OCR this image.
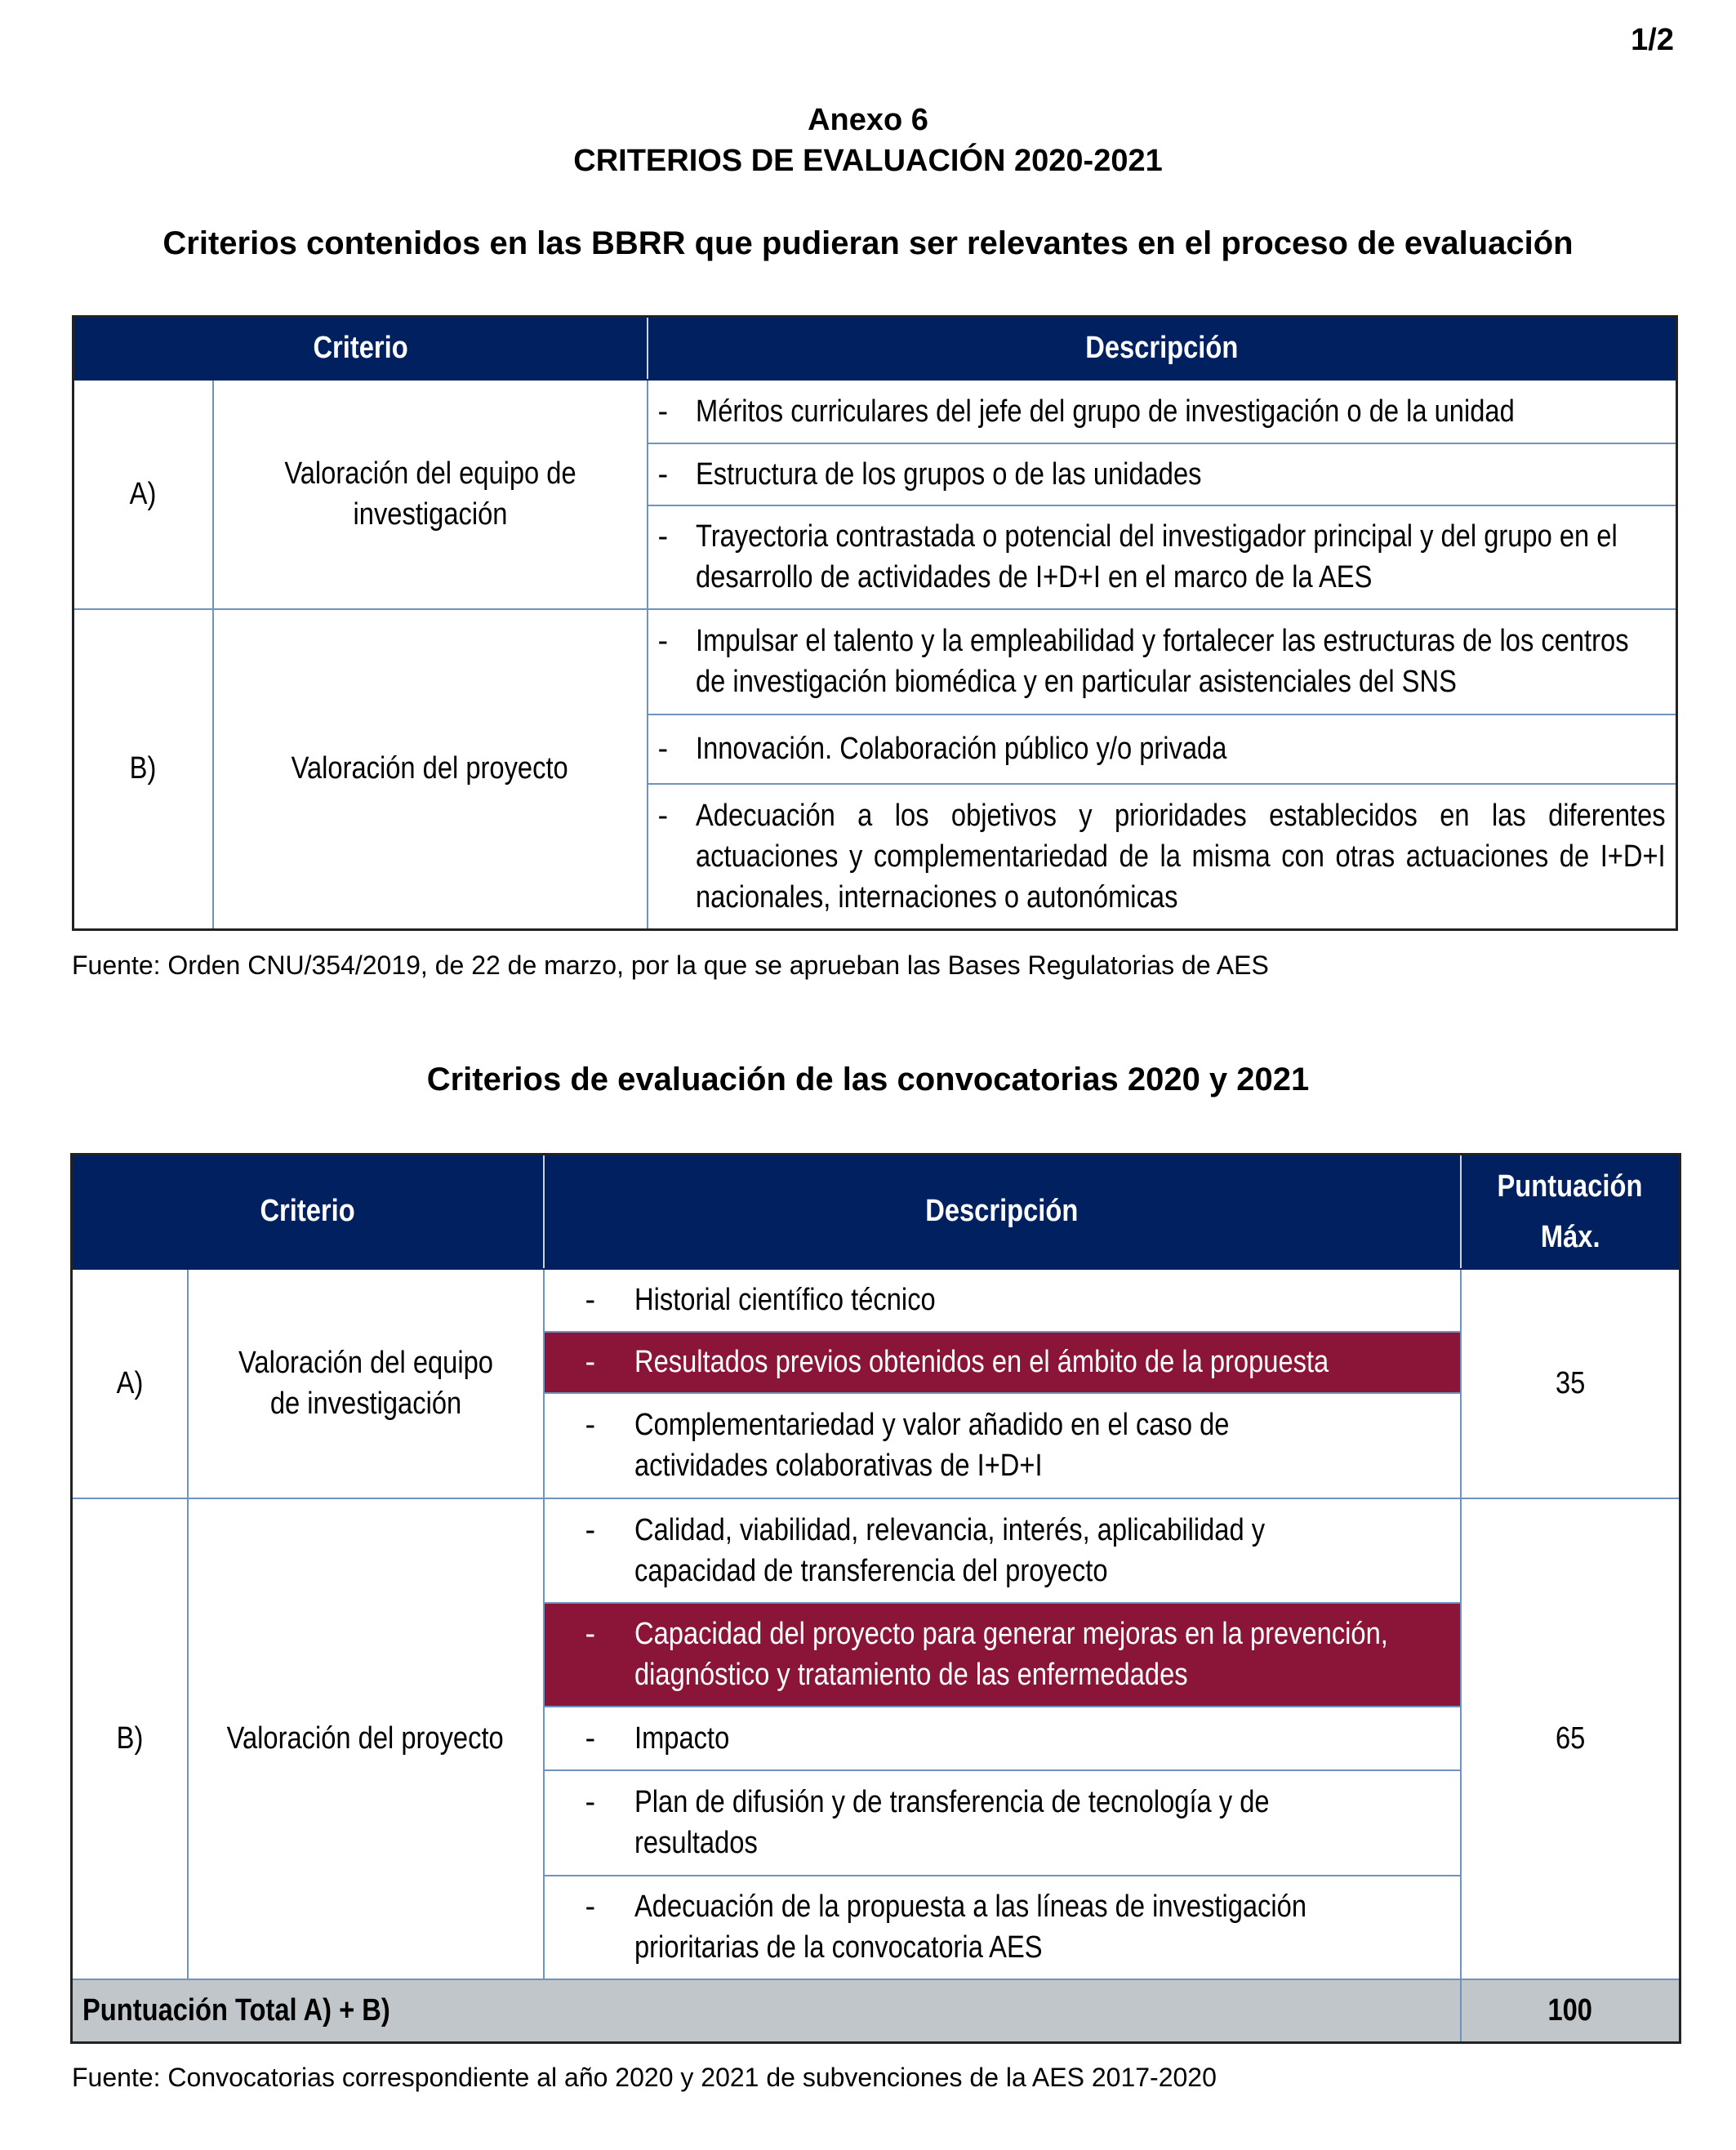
1/2
Anexo 6
CRITERIOS DE EVALUACIÓN 2020-2021
Criterios contenidos en las BBRR que pudieran ser relevantes en el proceso de evaluación
Criterio		Descripción
A)	Valoración del equipo de investigación	- Méritos curriculares del jefe del grupo de investigación o de la unidad

		- Estructura de los grupos o de las unidades

		- Trayectoria contrastada o potencial del investigador principal y del grupo en el desarrollo de actividades de I+D+I en el marco de la AES

B)	Valoración del proyecto	- Impulsar el talento y la empleabilidad y fortalecer las estructuras de los centros de investigación biomédica y en particular asistenciales del SNS

		- Innovación. Colaboración público y/o privada

		- Adecuación a los objetivos y prioridades establecidos en las diferentes actuaciones y complementariedad de la misma con otras actuaciones de I+D+I nacionales, internaciones o autonómicas
Fuente: Orden CNU/354/2019, de 22 de marzo, por la que se aprueban las Bases Regulatorias de AES
Criterios de evaluación de las convocatorias 2020 y 2021
Criterio		Descripción	Puntuación
Máx.
A)	Valoración del equipo de investigación	- Historial científico técnico	35

		- Resultados previos obtenidos en el ámbito de la propuesta	

		- Complementariedad y valor añadido en el caso de actividades colaborativas de I+D+I	

B)	Valoración del proyecto	- Calidad, viabilidad, relevancia, interés, aplicabilidad y capacidad de transferencia del proyecto	65

		- Capacidad del proyecto para generar mejoras en la prevención, diagnóstico y tratamiento de las enfermedades	

		- Impacto	

		- Plan de difusión y de transferencia de tecnología y de resultados	

		- Adecuación de la propuesta a las líneas de investigación prioritarias de la convocatoria AES	

Puntuación Total A) + B)			100
Fuente: Convocatorias correspondiente al año 2020 y 2021 de subvenciones de la AES 2017-2020
